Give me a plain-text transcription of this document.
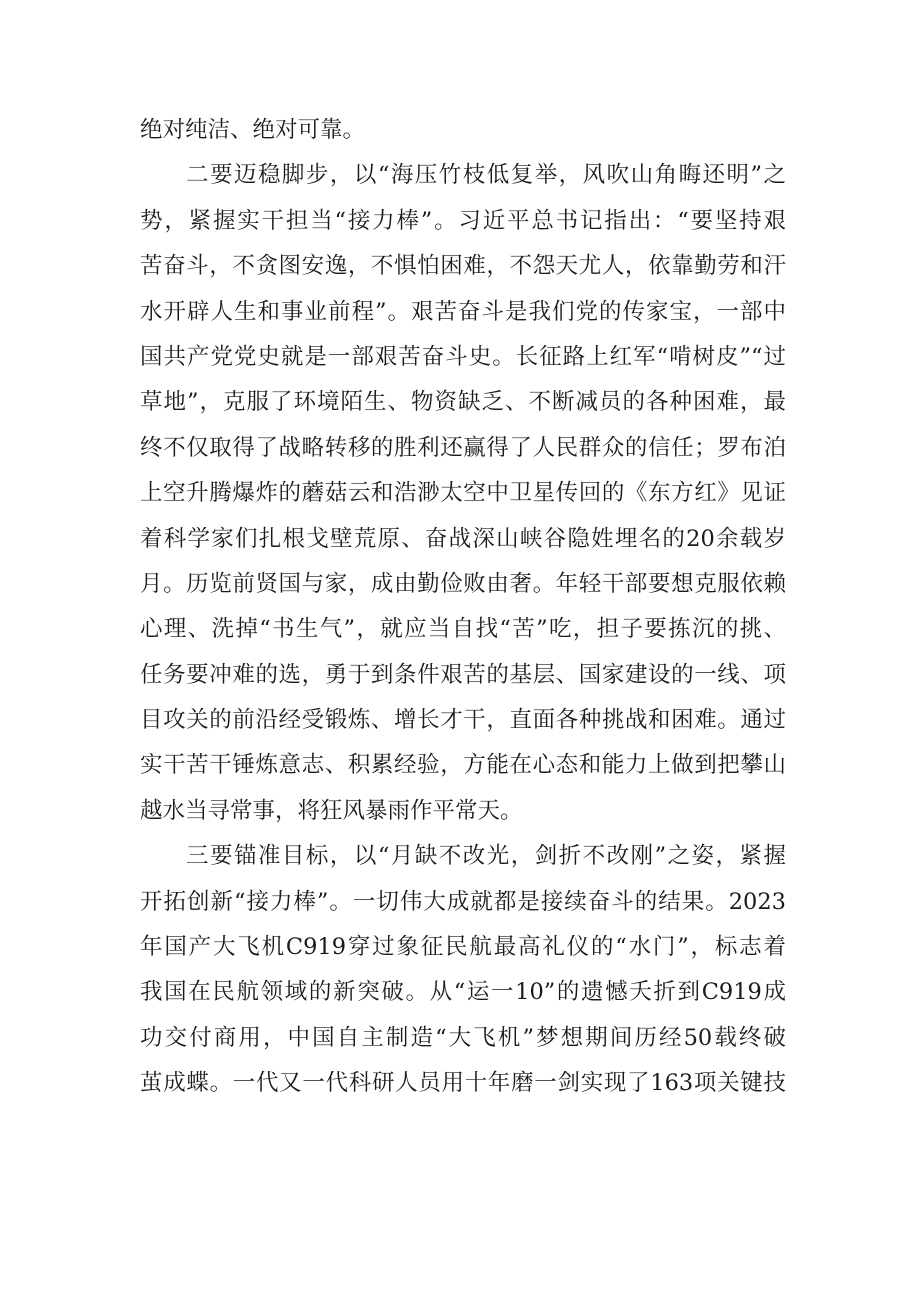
绝对纯洁、绝对可靠。
二要迈稳脚步，以“海压竹枝低复举，风吹山角晦还明”之
势，紧握实干担当“接力棒”。习近平总书记指出：“要坚持艰
苦奋斗，不贪图安逸，不惧怕困难，不怨天尤人，依靠勤劳和汗
水开辟人生和事业前程”。艰苦奋斗是我们党的传家宝，一部中
国共产党党史就是一部艰苦奋斗史。长征路上红军“啃树皮”“过
草地”，克服了环境陌生、物资缺乏、不断减员的各种困难，最
终不仅取得了战略转移的胜利还赢得了人民群众的信任；罗布泊
上空升腾爆炸的蘑菇云和浩渺太空中卫星传回的《东方红》见证
着科学家们扎根戈壁荒原、奋战深山峡谷隐姓埋名的20余载岁
月。历览前贤国与家，成由勤俭败由奢。年轻干部要想克服依赖
心理、洗掉“书生气”，就应当自找“苦”吃，担子要拣沉的挑、
任务要冲难的选，勇于到条件艰苦的基层、国家建设的一线、项
目攻关的前沿经受锻炼、增长才干，直面各种挑战和困难。通过
实干苦干锤炼意志、积累经验，方能在心态和能力上做到把攀山
越水当寻常事，将狂风暴雨作平常天。
三要锚准目标，以“月缺不改光，剑折不改刚”之姿，紧握
开拓创新“接力棒”。一切伟大成就都是接续奋斗的结果。2023
年国产大飞机C919穿过象征民航最高礼仪的“水门”，标志着
我国在民航领域的新突破。从“运一10”的遗憾夭折到C919成
功交付商用，中国自主制造“大飞机”梦想期间历经50载终破
茧成蝶。一代又一代科研人员用十年磨一剑实现了163项关键技
